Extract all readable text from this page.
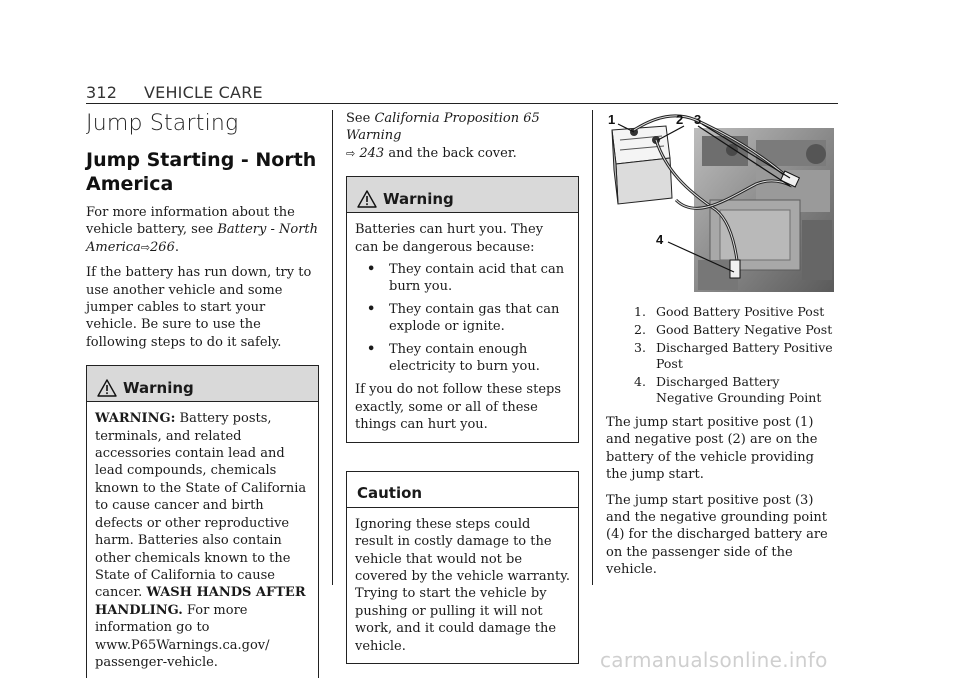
312 VEHICLE CARE
Jump Starting
Jump Starting - North America
For more information about the vehicle battery, see Battery - North America⇨266.
If the battery has run down, try to use another vehicle and some jumper cables to start your vehicle. Be sure to use the following steps to do it safely.
Warning
WARNING: Battery posts, terminals, and related accessories contain lead and lead compounds, chemicals known to the State of California to cause cancer and birth defects or other reproductive harm. Batteries also contain other chemicals known to the State of California to cause cancer. WASH HANDS AFTER HANDLING. For more information go to www.P65Warnings.ca.gov/ passenger-vehicle.
See California Proposition 65 Warning
⇨ 243 and the back cover.
Warning
Batteries can hurt you. They can be dangerous because:
• They contain acid that can burn you.
• They contain gas that can explode or ignite.
• They contain enough electricity to burn you.
If you do not follow these steps exactly, some or all of these things can hurt you.
Caution
Ignoring these steps could result in costly damage to the vehicle that would not be covered by the vehicle warranty. Trying to start the vehicle by pushing or pulling it will not work, and it could damage the vehicle.
1	2 3
4
1. Good Battery Positive Post
2. Good Battery Negative Post
3. Discharged Battery Positive Post
4. Discharged Battery Negative Grounding Point
The jump start positive post (1) and negative post (2) are on the battery of the vehicle providing the jump start.
The jump start positive post (3) and the negative grounding point (4) for the discharged battery are on the passenger side of the vehicle.
carmanualsonline.info
